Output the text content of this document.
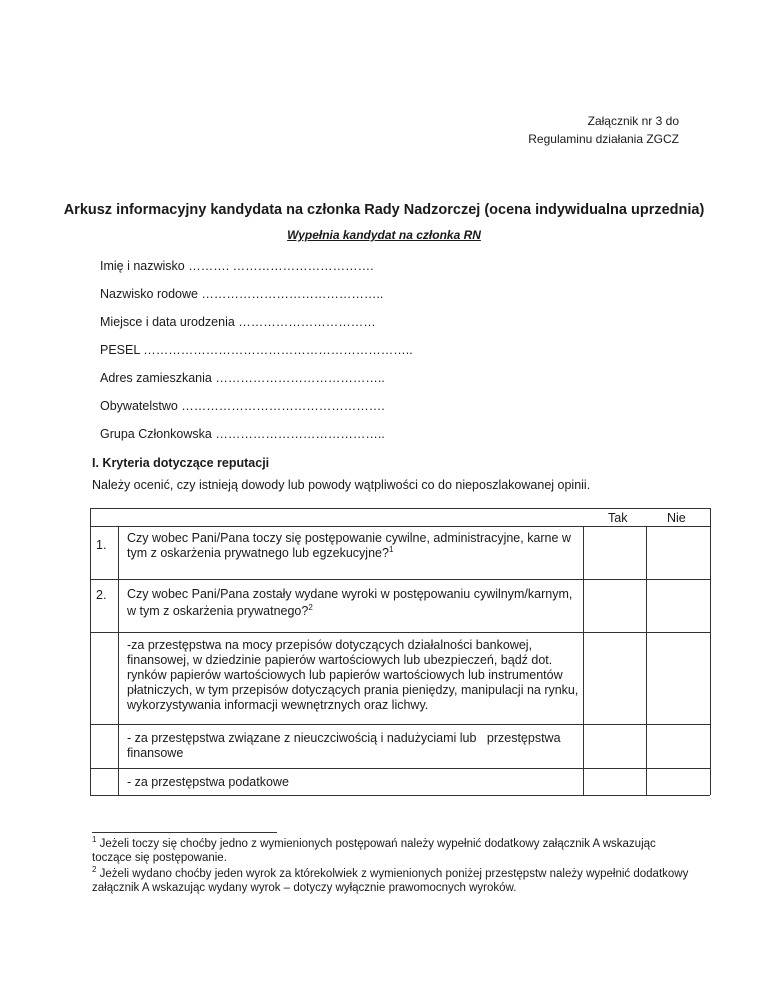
Załącznik nr 3 do
Regulaminu działania ZGCZ
Arkusz informacyjny kandydata na członka Rady Nadzorczej (ocena indywidualna uprzednia)
Wypełnia kandydat na członka RN
Imię i nazwisko ………. …………………………….
Nazwisko rodowe ……………………………………..
Miejsce i data urodzenia ……………………………
PESEL ………………………………………………………..
Adres zamieszkania …………………………………..
Obywatelstwo ………………………………………….
Grupa Członkowska …………………………………..
I. Kryteria dotyczące reputacji
Należy ocenić, czy istnieją dowody lub powody wątpliwości co do nieposzlakowanej opinii.
Tak	Nie
1. Czy wobec Pani/Pana toczy się postępowanie cywilne, administracyjne, karne w tym z oskarżenia prywatnego lub egzekucyjne?$^1$
2. Czy wobec Pani/Pana zostały wydane wyroki w postępowaniu cywilnym/karnym, w tym z oskarżenia prywatnego?$^2$
-za przestępstwa na mocy przepisów dotyczących działalności bankowej, finansowej, w dziedzinie papierów wartościowych lub ubezpieczeń, bądź dot. rynków papierów wartościowych lub papierów wartościowych lub instrumentów płatniczych, w tym przepisów dotyczących prania pieniędzy, manipulacji na rynku, wykorzystywania informacji wewnętrznych oraz lichwy.
- za przestępstwa związane z nieuczciwością i nadużyciami lub   przestępstwa finansowe
- za przestępstwa podatkowe
$^1$ Jeżeli toczy się choćby jedno z wymienionych postępowań należy wypełnić dodatkowy załącznik A wskazując toczące się postępowanie.
$^2$ Jeżeli wydano choćby jeden wyrok za którekolwiek z wymienionych poniżej przestępstw należy wypełnić dodatkowy załącznik A wskazując wydany wyrok – dotyczy wyłącznie prawomocnych wyroków.
